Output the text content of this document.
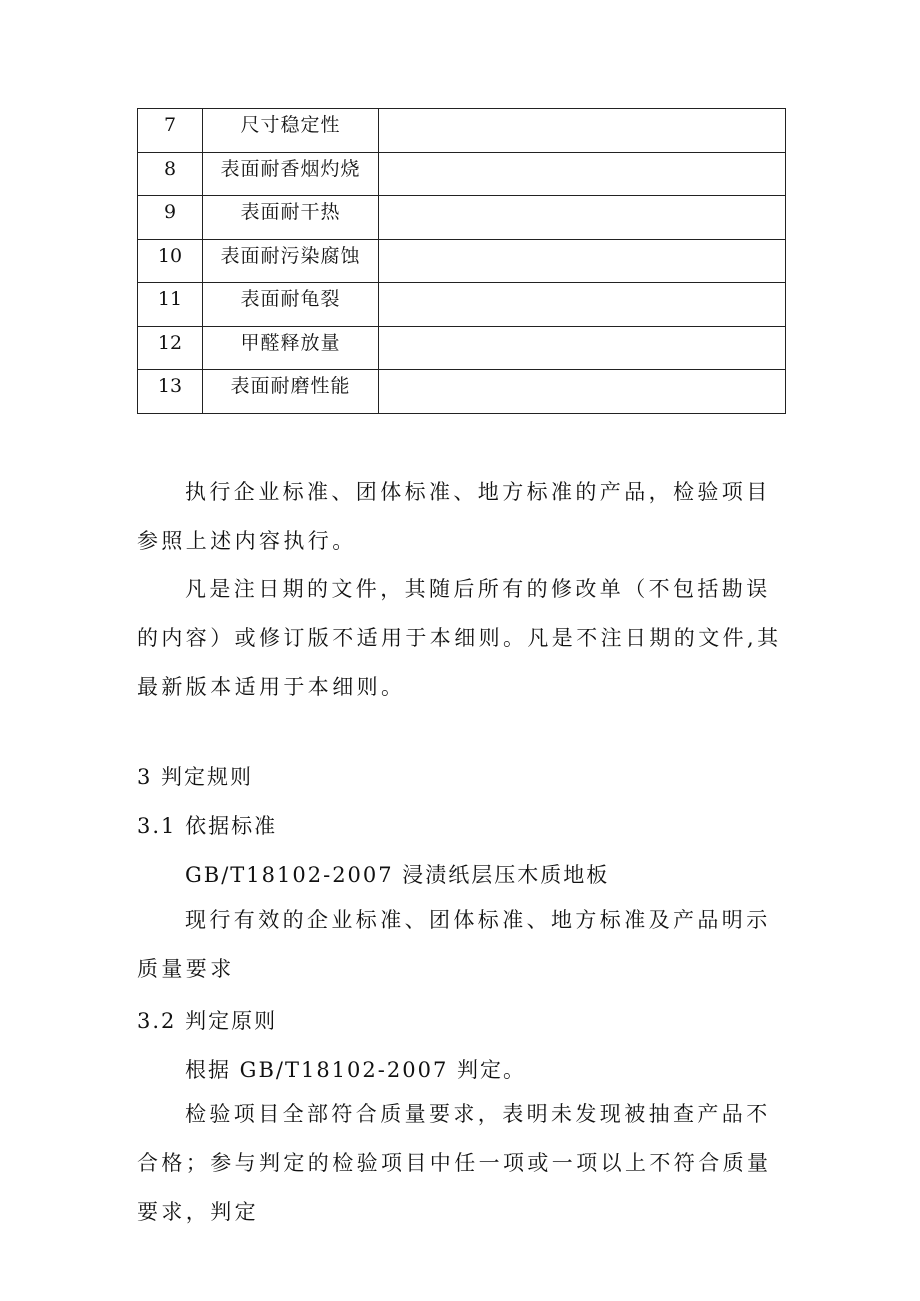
7	尺寸稳定性	
8	表面耐香烟灼烧	
9	表面耐干热	
10	表面耐污染腐蚀	
11	表面耐龟裂	
12	甲醛释放量	
13	表面耐磨性能	

执行企业标准、团体标准、地方标准的产品，检验项目参照上述内容执行。

凡是注日期的文件，其随后所有的修改单（不包括勘误的内容）或修订版不适用于本细则。凡是不注日期的文件,其最新版本适用于本细则。

3 判定规则
3.1 依据标准
GB/T18102-2007 浸渍纸层压木质地板

现行有效的企业标准、团体标准、地方标准及产品明示质量要求

3.2 判定原则
根据 GB/T18102-2007 判定。

检验项目全部符合质量要求，表明未发现被抽查产品不合格；参与判定的检验项目中任一项或一项以上不符合质量要求，判定
